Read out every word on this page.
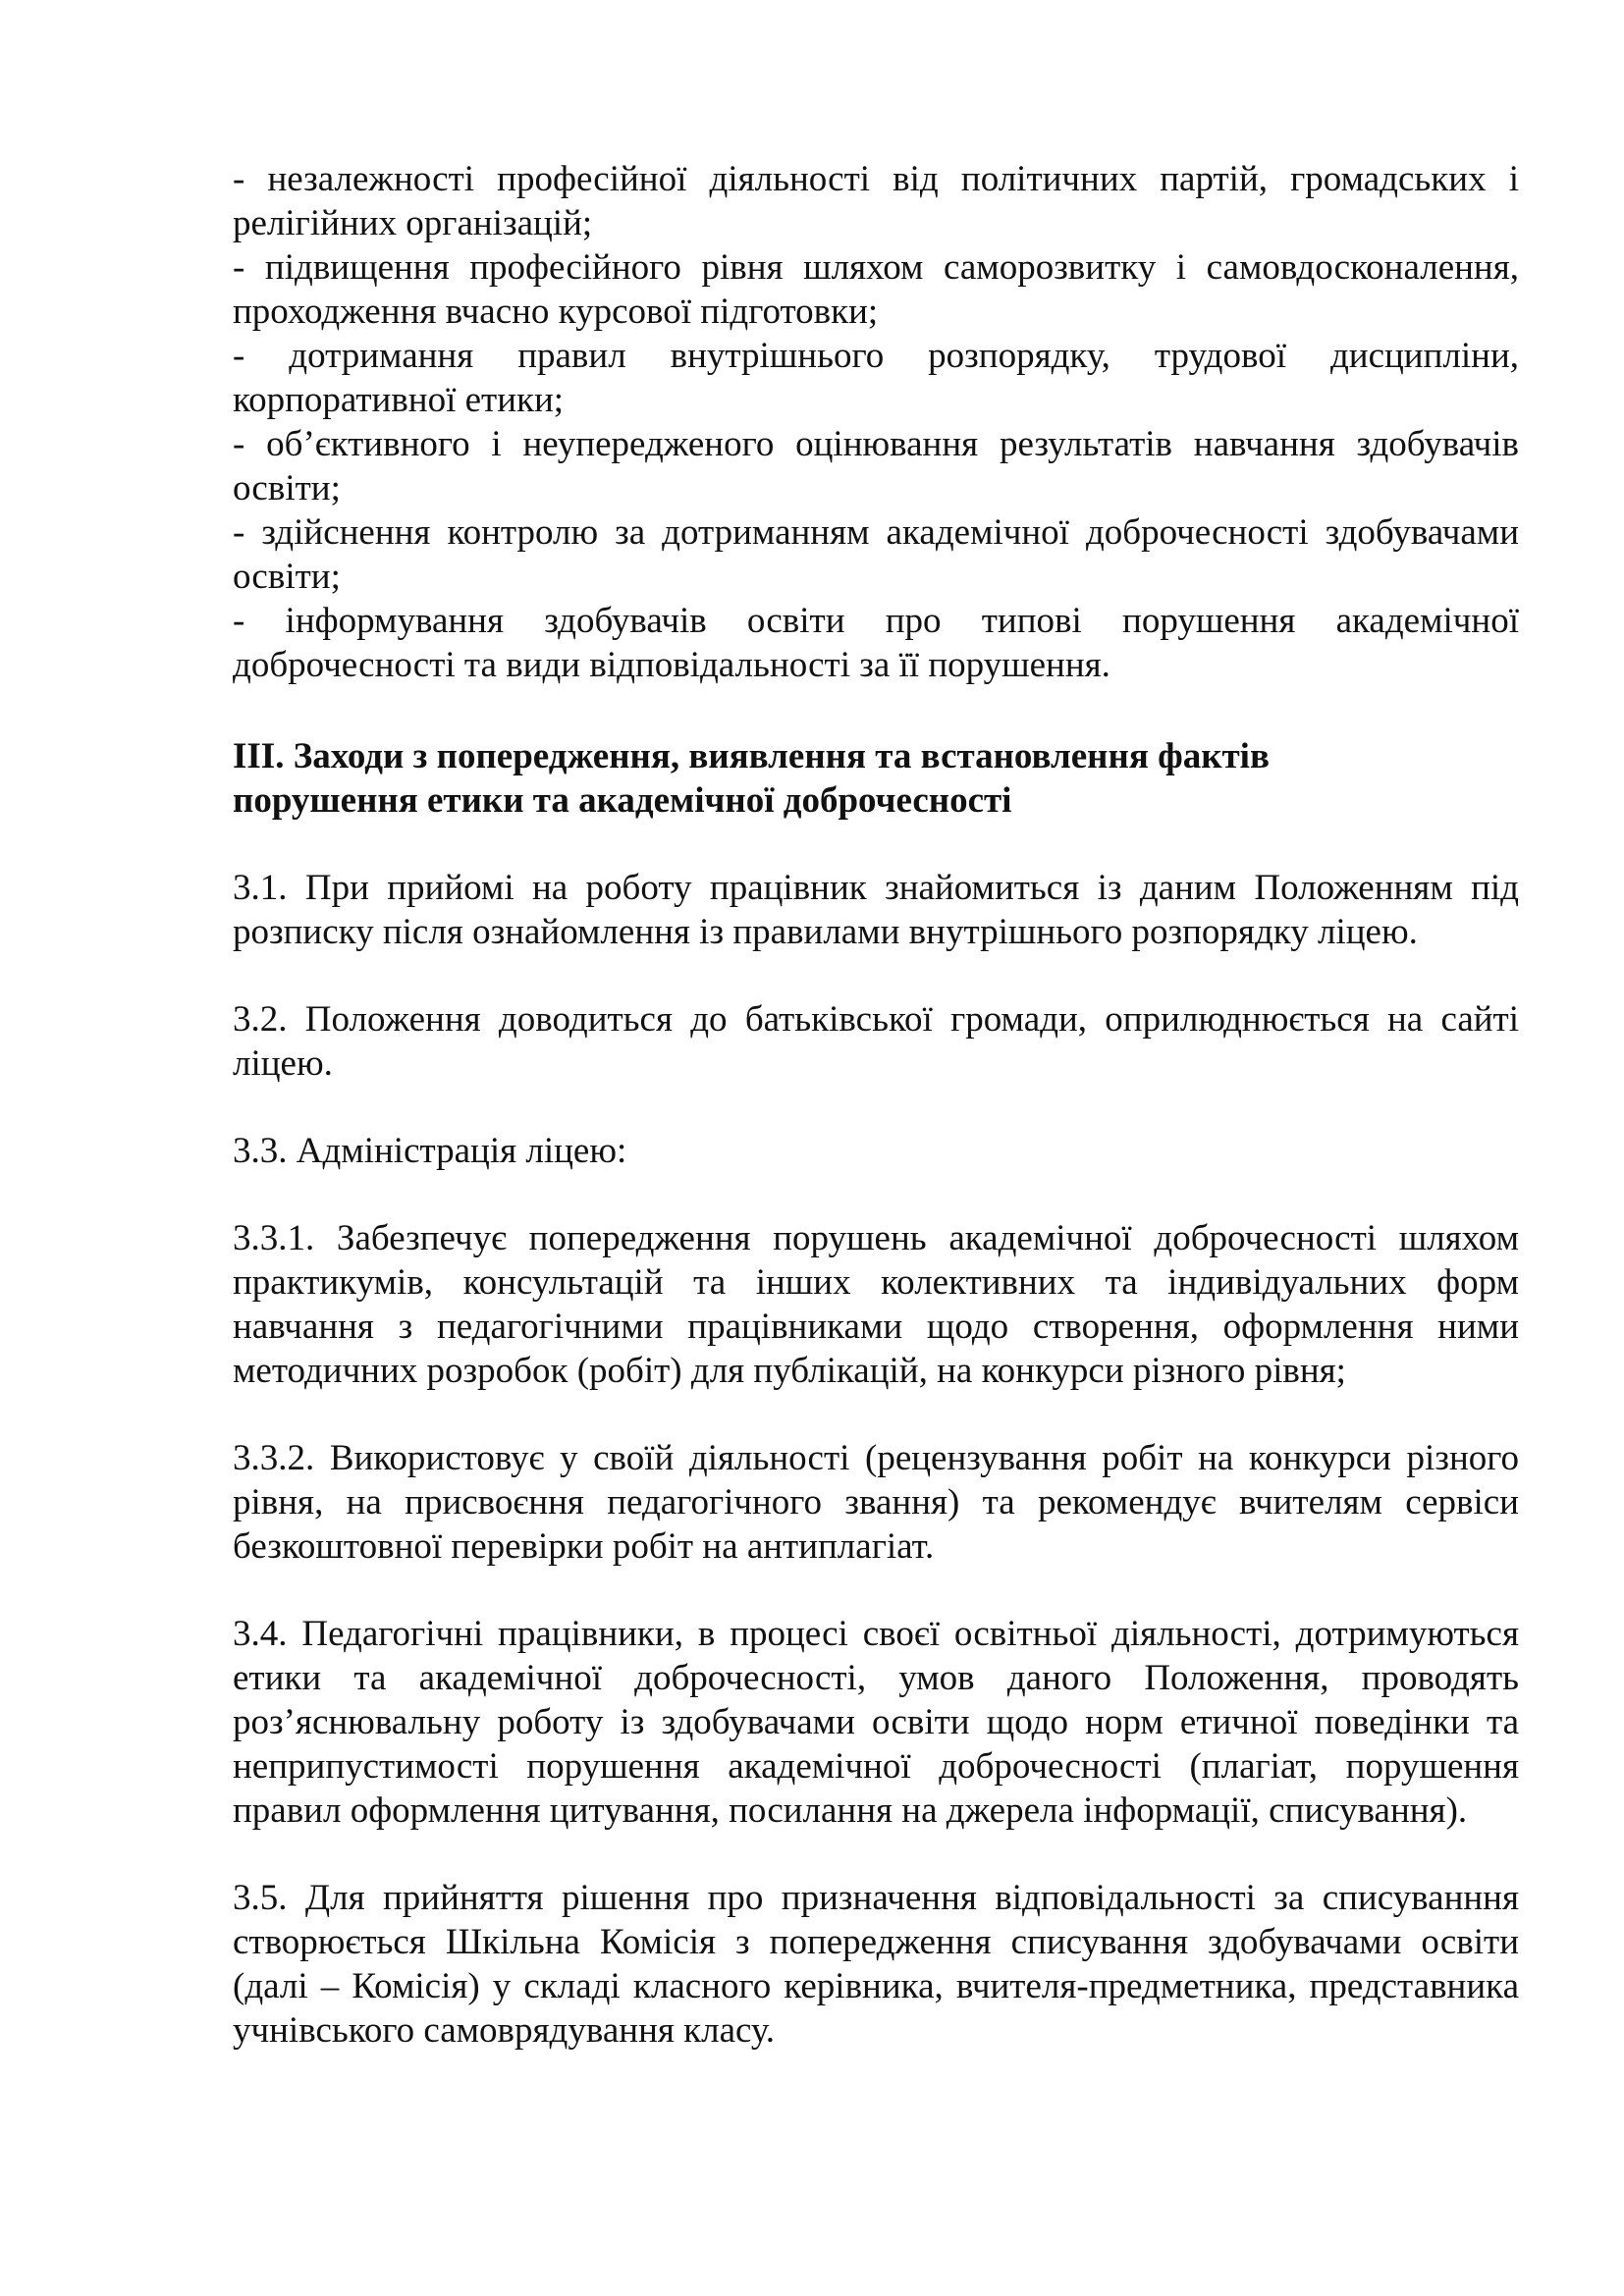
- незалежності професійної діяльності від політичних партій, громадських і релігійних організацій;

- підвищення професійного рівня шляхом саморозвитку і самовдосконалення, проходження вчасно курсової підготовки;

- дотримання правил внутрішнього розпорядку, трудової дисципліни, корпоративної етики;

- об’єктивного і неупередженого оцінювання результатів навчання здобувачів освіти;

- здійснення контролю за дотриманням академічної доброчесності здобувачами освіти;

- інформування здобувачів освіти про типові порушення академічної доброчесності та види відповідальності за її порушення.

ІІІ. Заходи з попередження, виявлення та встановлення фактів
порушення етики та академічної доброчесності

3.1. При прийомі на роботу працівник знайомиться із даним Положенням під розписку після ознайомлення із правилами внутрішнього розпорядку ліцею.

3.2. Положення доводиться до батьківської громади, оприлюднюється на сайті ліцею.

3.3. Адміністрація ліцею:

3.3.1. Забезпечує попередження порушень академічної доброчесності шляхом практикумів, консультацій та інших колективних та індивідуальних форм навчання з педагогічними працівниками щодо створення, оформлення ними методичних розробок (робіт) для публікацій, на конкурси різного рівня;

3.3.2. Використовує у своїй діяльності (рецензування робіт на конкурси різного рівня, на присвоєння педагогічного звання) та рекомендує вчителям сервіси безкоштовної перевірки робіт на антиплагіат.

3.4. Педагогічні працівники, в процесі своєї освітньої діяльності, дотримуються етики та академічної доброчесності, умов даного Положення, проводять роз’яснювальну роботу із здобувачами освіти щодо норм етичної поведінки та неприпустимості порушення академічної доброчесності (плагіат, порушення правил оформлення цитування, посилання на джерела інформації, списування).

3.5. Для прийняття рішення про призначення відповідальності за списуванння створюється Шкільна Комісія з попередження списування здобувачами освіти (далі – Комісія) у складі класного керівника, вчителя-предметника, представника учнівського самоврядування класу.
